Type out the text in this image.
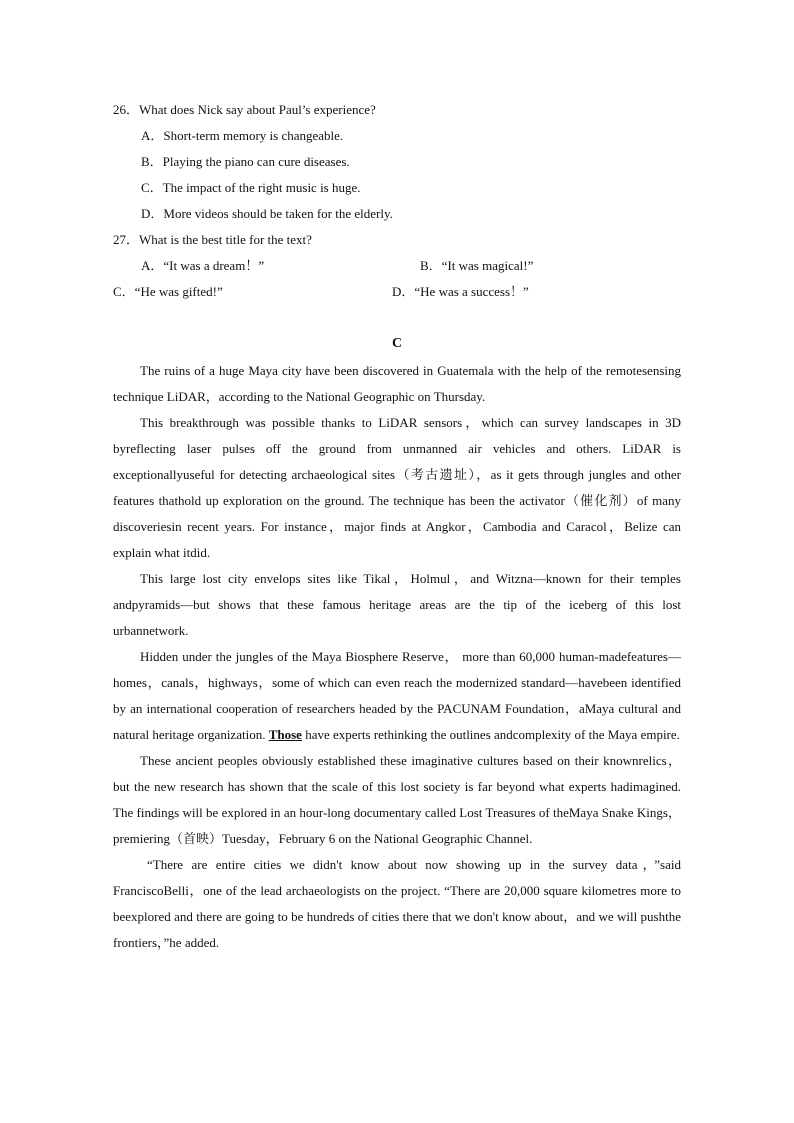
26．What does Nick say about Paul’s experience?
A．Short-term memory is changeable.
B．Playing the piano can cure diseases.
C．The impact of the right music is huge.
D．More videos should be taken for the elderly.
27．What is the best title for the text?
A．“It was a dream！”	B．“It was magical!”
C．“He was gifted!”	D．“He was a success！”
C

The ruins of a huge Maya city have been discovered in Guatemala with the help of the remotesensing technique LiDAR，according to the National Geographic on Thursday.

This breakthrough was possible thanks to LiDAR sensors，which can survey landscapes in 3D byreflecting laser pulses off the ground from unmanned air vehicles and others. LiDAR is exceptionallyuseful for detecting archaeological sites（考古遗址），as it gets through jungles and other features thathold up exploration on the ground. The technique has been the activator（催化剂）of many discoveriesin recent years. For instance，major finds at Angkor，Cambodia and Caracol，Belize can explain what itdid.

This large lost city envelops sites like Tikal，Holmul，and Witzna—known for their temples andpyramids—but shows that these famous heritage areas are the tip of the iceberg of this lost urbannetwork.

Hidden under the jungles of the Maya Biosphere Reserve， more than 60,000 human-madefeatures—homes，canals，highways，some of which can even reach the modernized standard—havebeen identified by an international cooperation of researchers headed by the PACUNAM Foundation，aMaya cultural and natural heritage organization. Those have experts rethinking the outlines andcomplexity of the Maya empire.

These ancient peoples obviously established these imaginative cultures based on their knownrelics，but the new research has shown that the scale of this lost society is far beyond what experts hadimagined. The findings will be explored in an hour-long documentary called Lost Treasures of theMaya Snake Kings，premiering（首映）Tuesday，February 6 on the National Geographic Channel.

“There are entire cities we didn't know about now showing up in the survey data，”said FranciscoBelli，one of the lead archaeologists on the project. “There are 20,000 square kilometres more to beexplored and there are going to be hundreds of cities there that we don't know about，and we will pushthe frontiers，”he added.
